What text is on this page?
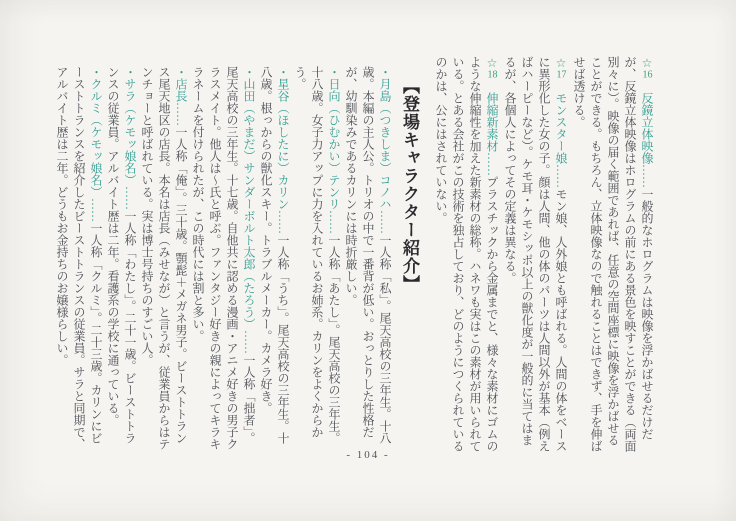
☆16　反鏡立体映像……一般的なホログラムは映像を浮かばせるだけだが、反鏡立体映像はホログラムの前にある景色を映すことができる（両面別々に）。映像の届く範囲であれば、任意の空間座標に映像を浮かばせることができる。もちろん、立体映像なので触れることはできず、手を伸ばせば透ける。

☆17　モンスター娘……モン娘、人外娘とも呼ばれる。人間の体をベースに異形化した女の子。顔は人間、他の体のパーツは人間以外が基本（例えばハーピーなど）。ケモ耳・ケモシッポ以上の獣化度が一般的に当てはまるが、各個人によってその定義は異なる。

☆18　伸縮新素材……プラスチックから金属までと、様々な素材にゴムのような伸縮性を加えた新素材の総称。ハネワも実はこの素材が用いられている。とある会社がこの技術を独占しており、どのようにつくられているのかは、公にはされていない。

【登場キャラクター紹介】

・月島（つきしま）コノハ……一人称「私」。尾天高校の三年生。十八歳。本編の主人公。トリオの中で一番背が低い。おっとりした性格だが、幼馴染みであるカリンには時折厳しい。

・日向（ひむかい）テンリ……一人称「あたし」。尾天高校の三年生。十八歳。女子力アップに力を入れているお姉系。カリンをよくからかう。

・星谷（ほしたに）カリン……一人称「うち」。尾天高校の三年生。十八歳。根っからの獣化スキー。トラブルメーカー。カメラ好き。

・山田（やまだ）サンダーボルト太郎（たろう）……一人称「拙者」。尾天高校の三年生。十七歳。自他共に認める漫画・アニメ好きの男子クラスメイト。他人は～氏と呼ぶ。ファンタジー好きの親によってキラキラネームを付けられたが、この時代には割と多い。

・店長……一人称「俺」。三十歳。顎髭＋メガネ男子。ビーストトランス尾天地区の店長。本名は店長（みせなが）と言うが、従業員からはテンチョーと呼ばれている。実は博士号持ちのすごい人。

・サラ（ケモッ娘名）……一人称「わたし」。二十一歳。ビーストトランスの従業員。アルバイト歴は二年。看護系の学校に通っている。

・クルミ（ケモッ娘名）……一人称「クルミ」。二十三歳。カリンにビーストトランスを紹介したビーストトランスの従業員。サラと同期で、アルバイト歴は二年。どうもお金持ちのお嬢様らしい。

- 104 -
